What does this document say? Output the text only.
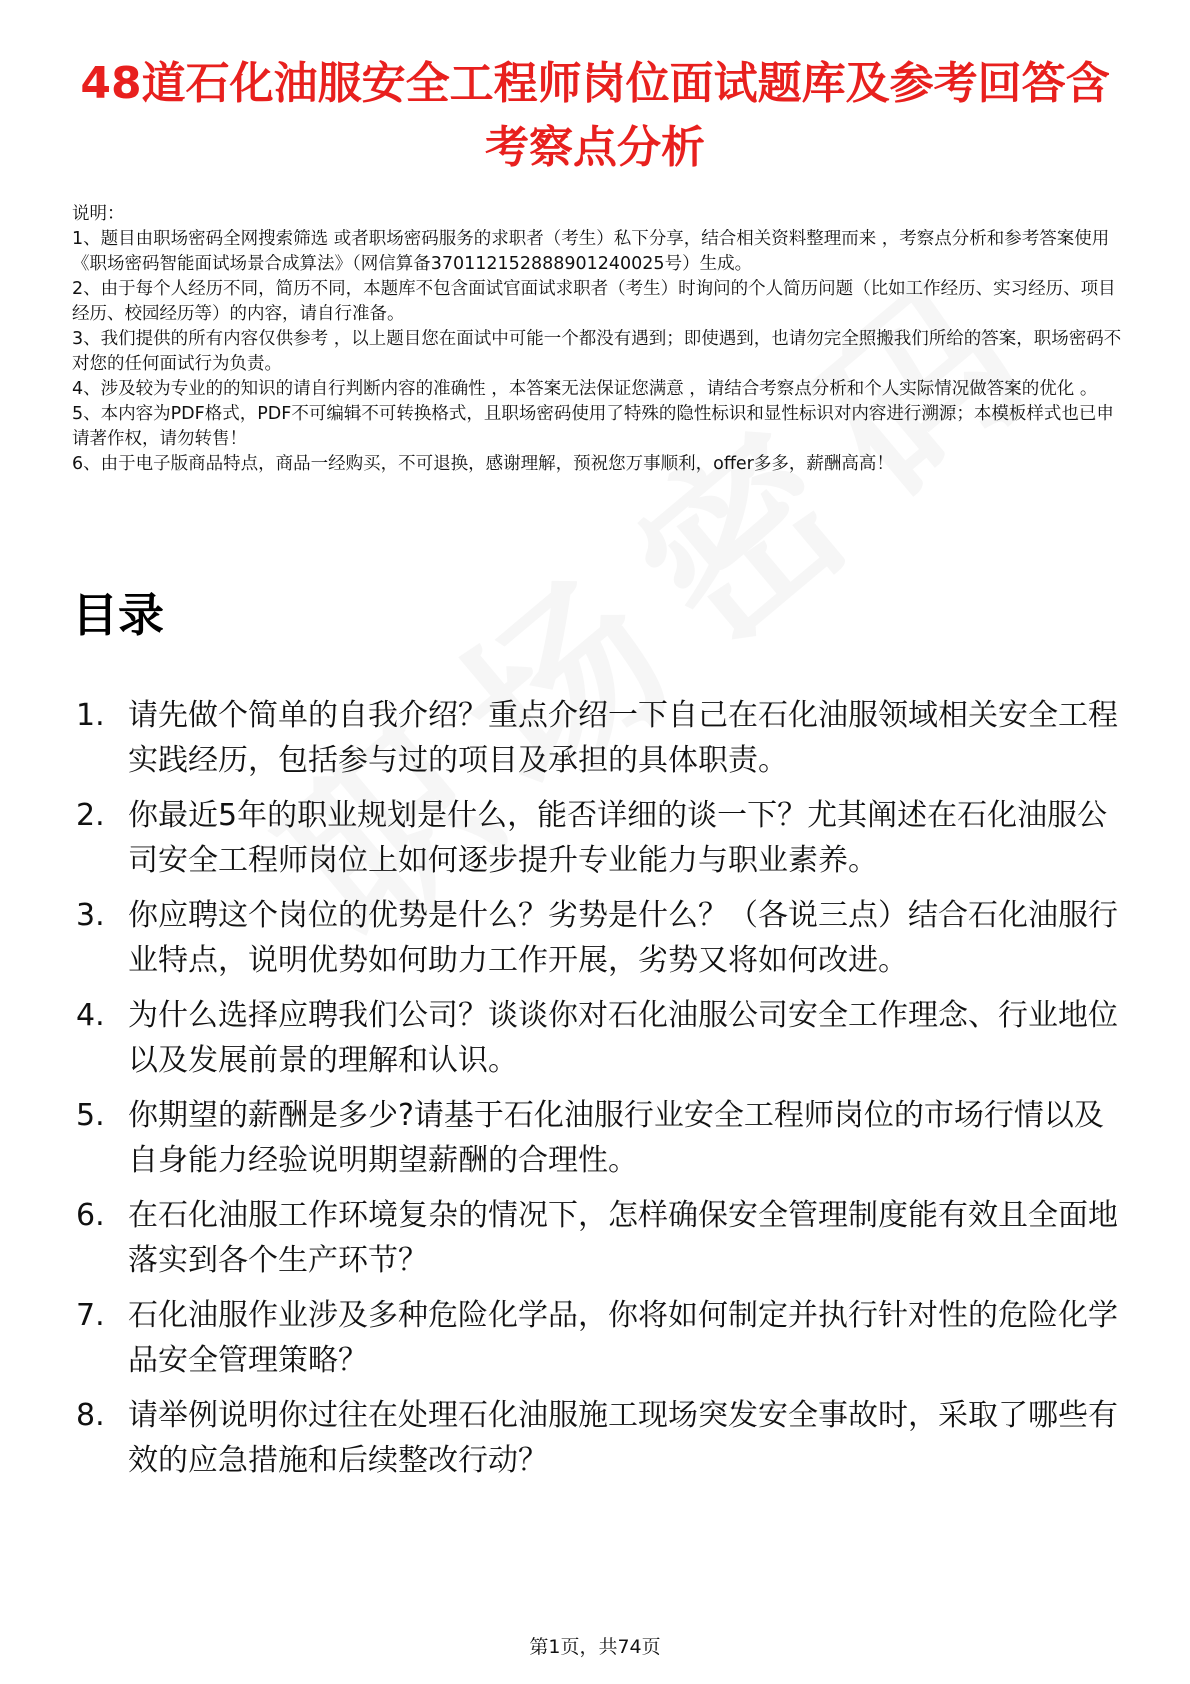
48道石化油服安全工程师岗位面试题库及参考回答含考察点分析
说明：
1、题目由职场密码全网搜索筛选 或者职场密码服务的求职者（考生）私下分享，结合相关资料整理而来 ，考察点分析和参考答案使用《职场密码智能面试场景合成算法》（网信算备370112152888901240025号）生成。
2、由于每个人经历不同，简历不同，本题库不包含面试官面试求职者（考生）时询问的个人简历问题（比如工作经历、实习经历、项目经历、校园经历等）的内容，请自行准备。
3、我们提供的所有内容仅供参考 ，以上题目您在面试中可能一个都没有遇到；即使遇到，也请勿完全照搬我们所给的答案，职场密码不对您的任何面试行为负责。
4、涉及较为专业的的知识的请自行判断内容的准确性 ，本答案无法保证您满意 ，请结合考察点分析和个人实际情况做答案的优化 。
5、本内容为PDF格式，PDF不可编辑不可转换格式，且职场密码使用了特殊的隐性标识和显性标识对内容进行溯源；本模板样式也已申请著作权，请勿转售！
6、由于电子版商品特点，商品一经购买，不可退换，感谢理解，预祝您万事顺利，offer多多，薪酬高高！
目录
1. 请先做个简单的自我介绍？重点介绍一下自己在石化油服领域相关安全工程实践经历，包括参与过的项目及承担的具体职责。
2. 你最近5年的职业规划是什么，能否详细的谈一下？尤其阐述在石化油服公司安全工程师岗位上如何逐步提升专业能力与职业素养。
3. 你应聘这个岗位的优势是什么？劣势是什么？（各说三点）结合石化油服行业特点，说明优势如何助力工作开展，劣势又将如何改进。
4. 为什么选择应聘我们公司？谈谈你对石化油服公司安全工作理念、行业地位以及发展前景的理解和认识。
5. 你期望的薪酬是多少?请基于石化油服行业安全工程师岗位的市场行情以及自身能力经验说明期望薪酬的合理性。
6. 在石化油服工作环境复杂的情况下，怎样确保安全管理制度能有效且全面地落实到各个生产环节？
7. 石化油服作业涉及多种危险化学品，你将如何制定并执行针对性的危险化学品安全管理策略？
8. 请举例说明你过往在处理石化油服施工现场突发安全事故时，采取了哪些有效的应急措施和后续整改行动？
第1页，共74页
